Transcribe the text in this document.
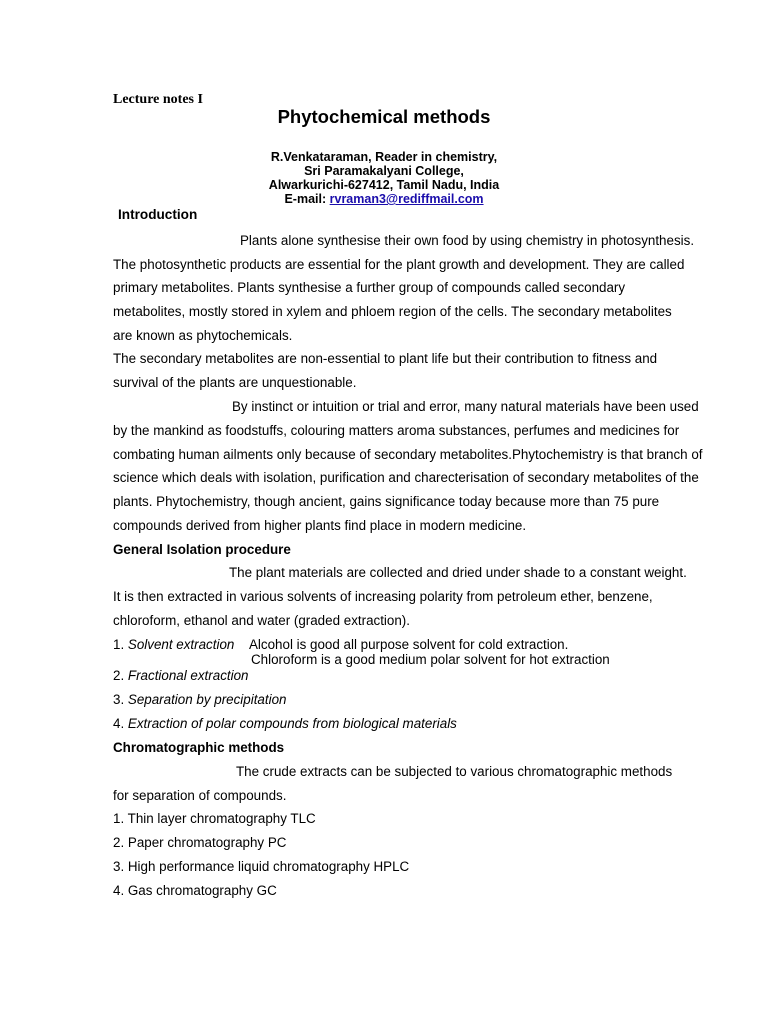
Lecture notes I
Phytochemical methods
R.Venkataraman, Reader in chemistry,
Sri Paramakalyani College,
Alwarkurichi-627412, Tamil Nadu, India
E-mail: rvraman3@rediffmail.com
Introduction
Plants alone synthesise their own food by using chemistry in photosynthesis.
The photosynthetic products are essential for the plant growth and development. They are called
primary metabolites. Plants synthesise a further group of compounds called secondary
metabolites, mostly stored in xylem and phloem region of the cells. The secondary metabolites
are known as phytochemicals.
The secondary metabolites are non-essential to plant life but their contribution to fitness and
survival of the plants are unquestionable.
By instinct or intuition or trial and error, many natural materials have been used
by the mankind as foodstuffs, colouring matters aroma substances, perfumes and medicines for
combating human ailments only because of secondary metabolites.Phytochemistry is that branch of
science which deals with isolation, purification and charecterisation of secondary metabolites of the
plants. Phytochemistry, though ancient, gains significance today because more than 75 pure
compounds derived from higher plants find place in modern medicine.
General Isolation procedure
The plant materials are collected and dried under shade to a constant weight.
It is then extracted in various solvents of increasing polarity from petroleum ether, benzene,
chloroform, ethanol and water (graded extraction).
1. Solvent extraction Alcohol is good all purpose solvent for cold extraction.
Chloroform is a good medium polar solvent for hot extraction
2. Fractional extraction
3. Separation by precipitation
4. Extraction of polar compounds from biological materials
Chromatographic methods
The crude extracts can be subjected to various chromatographic methods
for separation of compounds.
1. Thin layer chromatography TLC
2. Paper chromatography PC
3. High performance liquid chromatography HPLC
4. Gas chromatography GC
